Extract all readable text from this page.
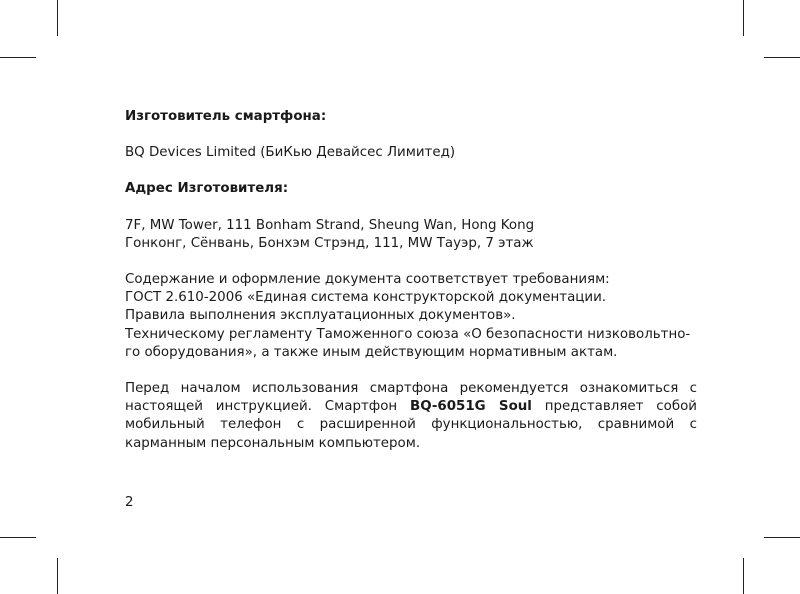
Изготовитель смартфона:

BQ Devices Limited (БиКью Девайсес Лимитед)

Адрес Изготовителя:

7F, MW Tower, 111 Bonham Strand, Sheung Wan, Hong Kong

Гонконг, Сёнвань, Бонхэм Стрэнд, 111, MW Тауэр, 7 этаж

Содержание и оформление документа соответствует требованиям:

ГОСТ 2.610-2006 «Единая система конструкторской документации.

Правила выполнения эксплуатационных документов».

Техническому регламенту Таможенного союза «О безопасности низковольтно-

го оборудования», а также иным действующим нормативным актам.

Перед началом использования смартфона рекомендуется ознакомиться с настоящей инструкцией. Смартфон BQ-6051G Soul представляет собой мобильный телефон с расширенной функциональностью, сравнимой с карманным персональным компьютером.

2
